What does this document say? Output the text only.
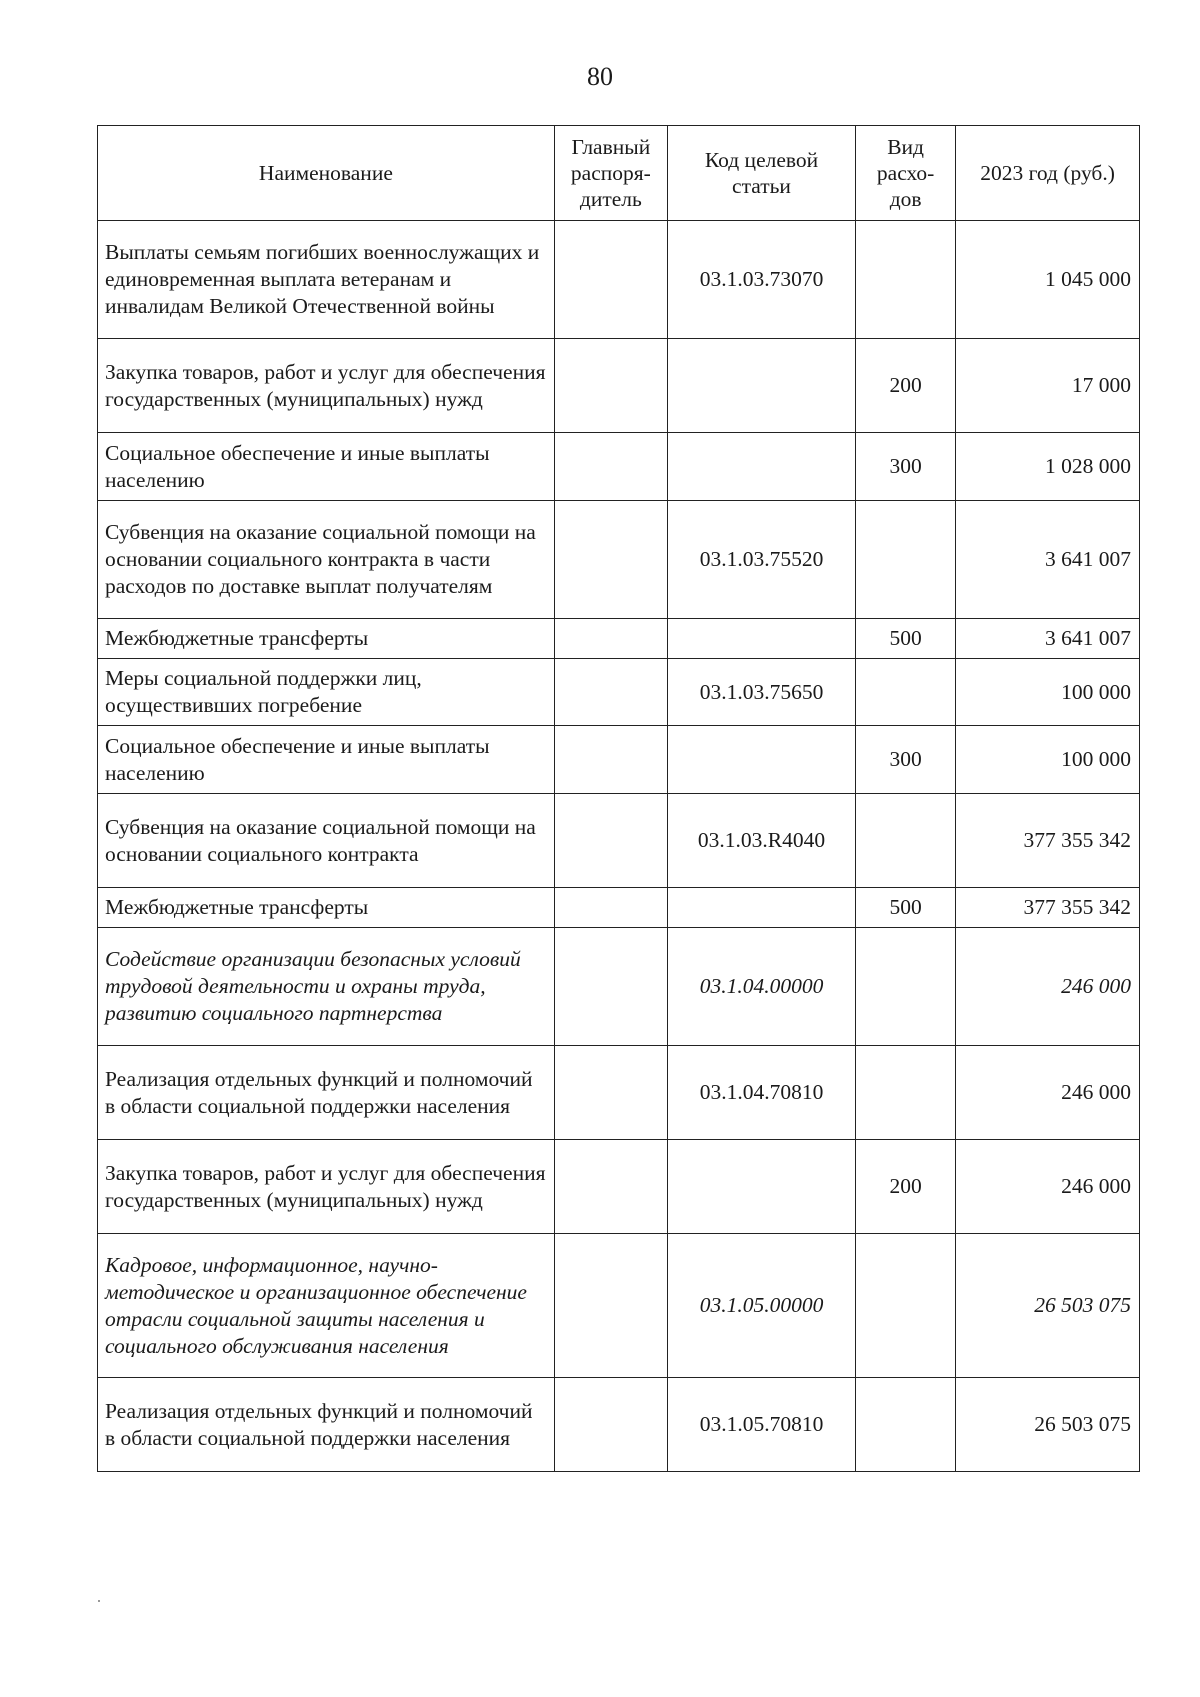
80
Наименование	Главный распоря-дитель	Код целевой статьи	Вид расхо-дов	2023 год (руб.)
Выплаты семьям погибших военнослужащих и единовременная выплата ветеранам и инвалидам Великой Отечественной войны		03.1.03.73070		1 045 000
Закупка товаров, работ и услуг для обеспечения государственных (муниципальных) нужд			200	17 000
Социальное обеспечение и иные выплаты населению			300	1 028 000
Субвенция на оказание социальной помощи на основании социального контракта в части расходов по доставке выплат получателям		03.1.03.75520		3 641 007
Межбюджетные трансферты			500	3 641 007
Меры социальной поддержки лиц, осуществивших погребение		03.1.03.75650		100 000
Социальное обеспечение и иные выплаты населению			300	100 000
Субвенция на оказание социальной помощи на основании социального контракта		03.1.03.R4040		377 355 342
Межбюджетные трансферты			500	377 355 342
Содействие организации безопасных условий трудовой деятельности и охраны труда, развитию социального партнерства		03.1.04.00000		246 000
Реализация отдельных функций и полномочий в области социальной поддержки населения		03.1.04.70810		246 000
Закупка товаров, работ и услуг для обеспечения государственных (муниципальных) нужд			200	246 000
Кадровое, информационное, научно-методическое и организационное обеспечение отрасли социальной защиты населения и социального обслуживания населения		03.1.05.00000		26 503 075
Реализация отдельных функций и полномочий в области социальной поддержки населения		03.1.05.70810		26 503 075
